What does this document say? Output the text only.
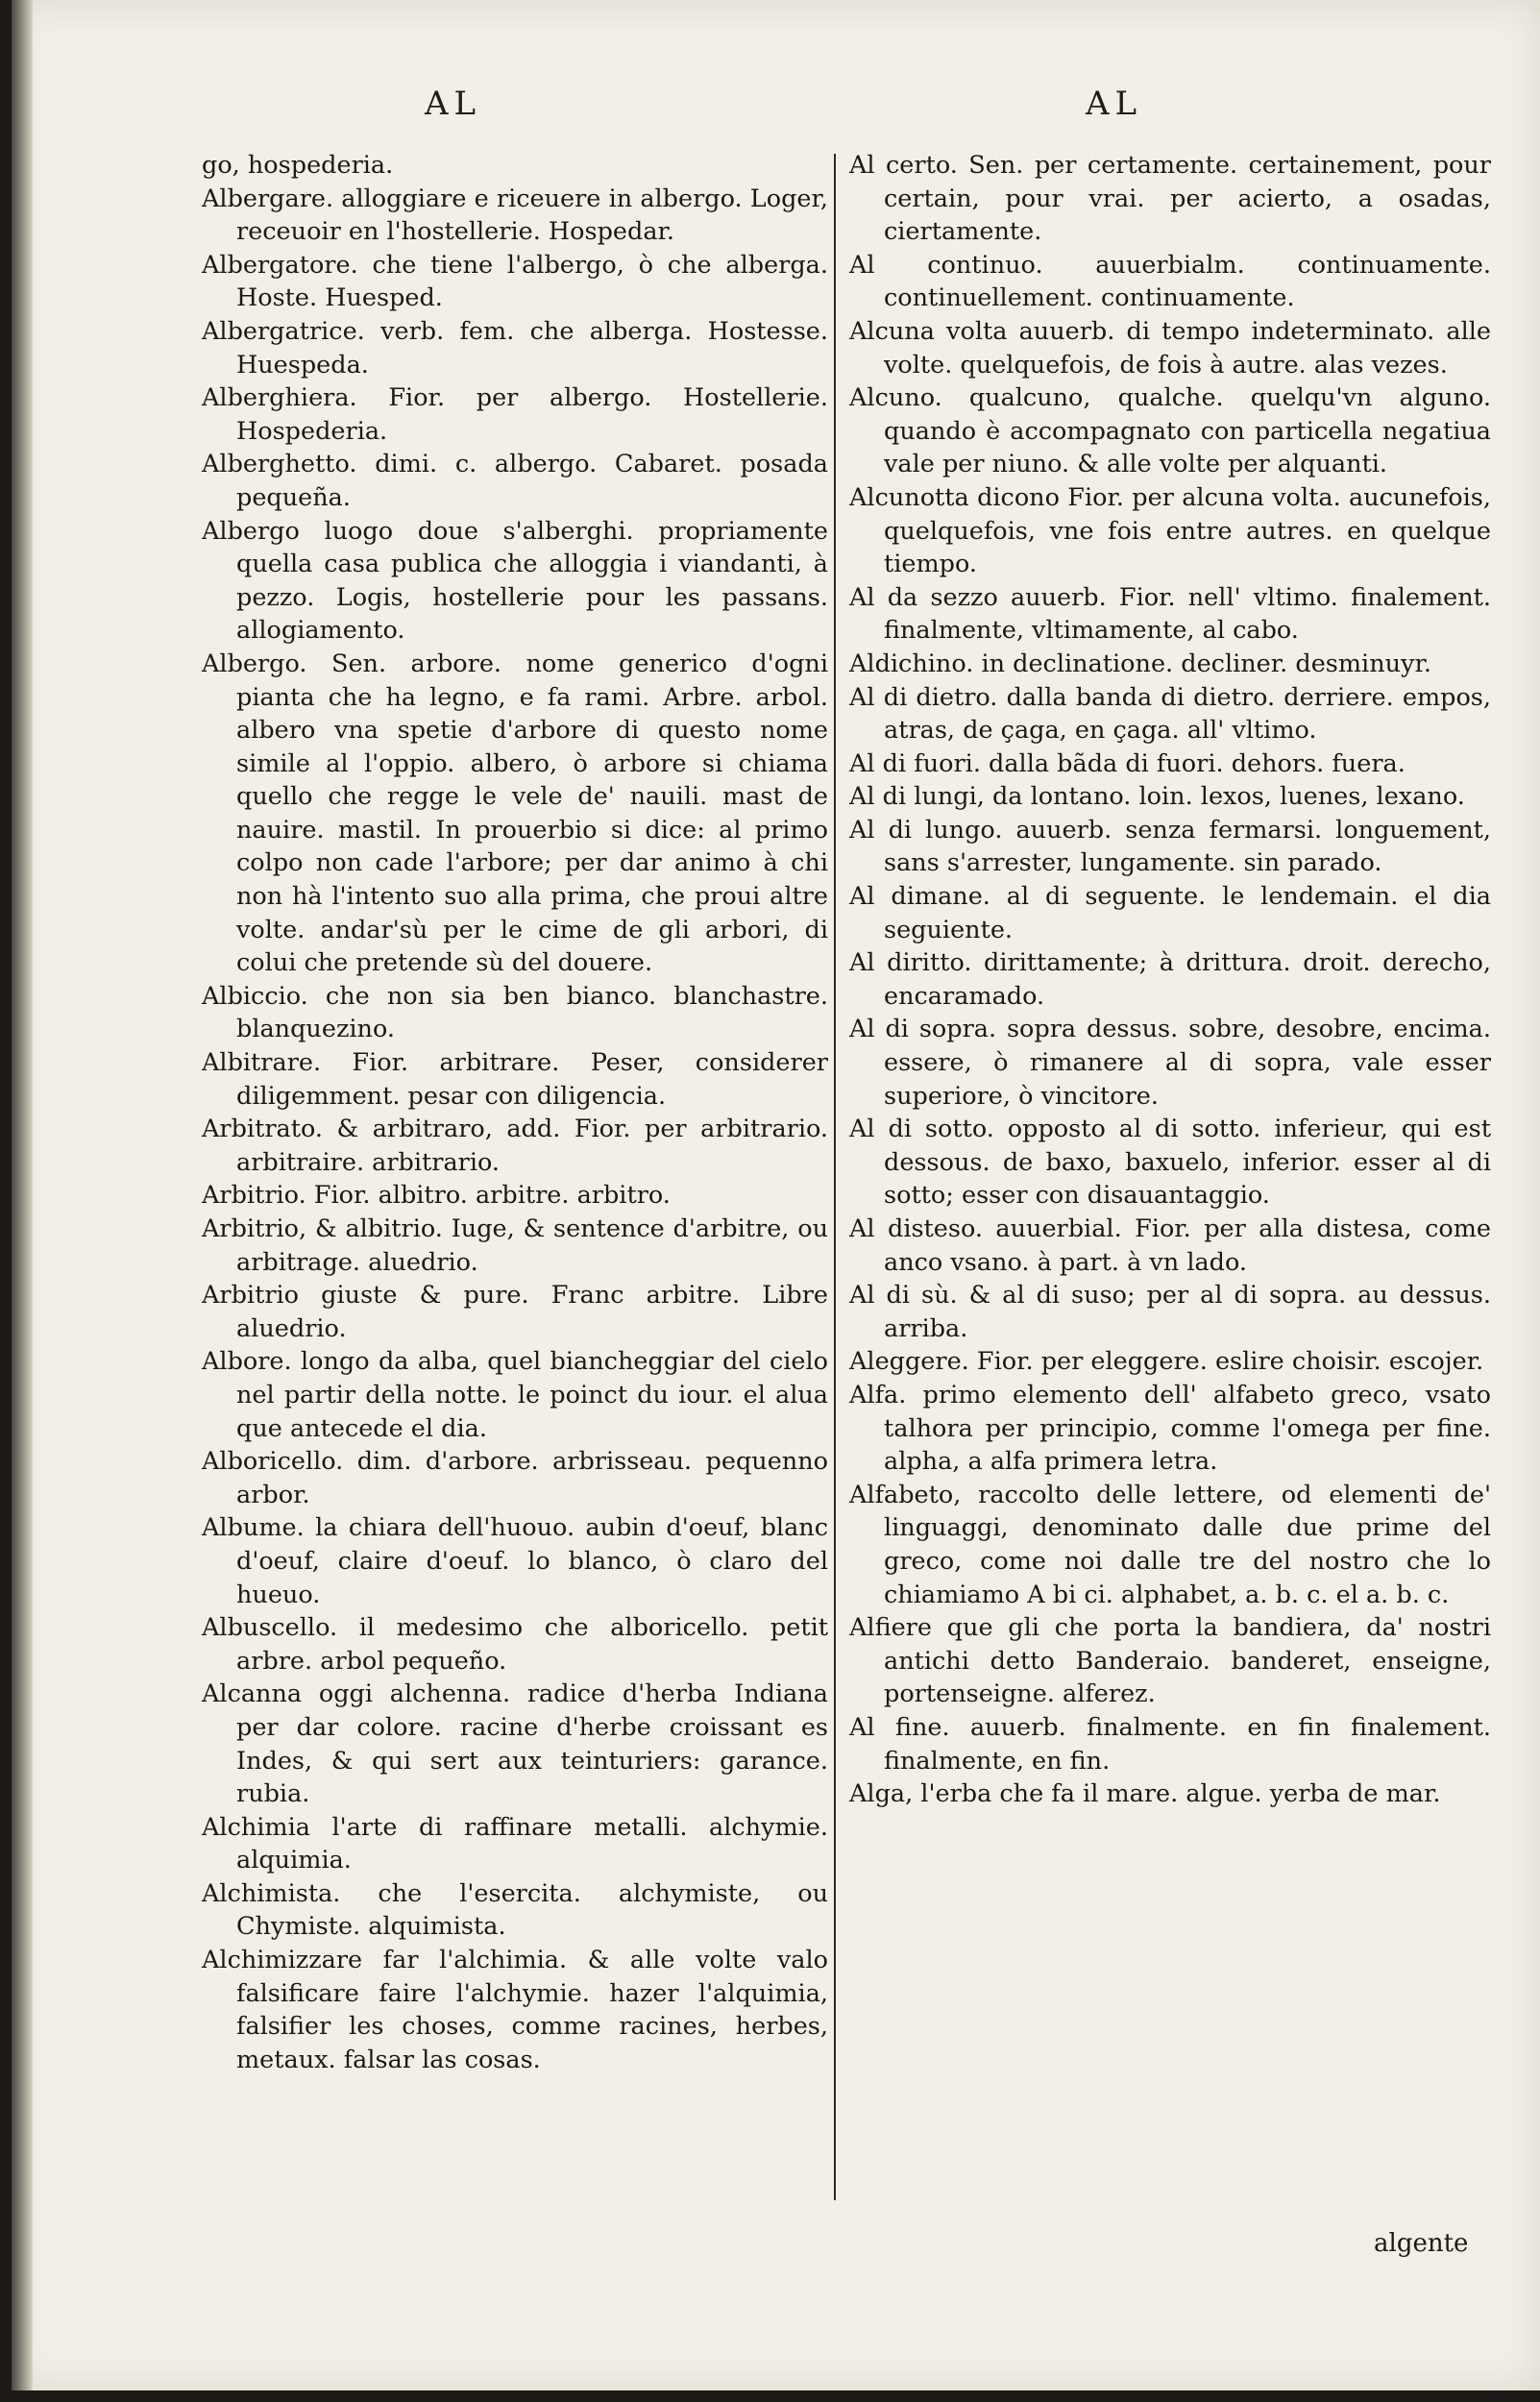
AL	AL

go, hospederia.

Albergare. alloggiare e riceuere in albergo. Loger, receuoir en l'hostellerie. Hospedar.

Albergatore. che tiene l'albergo, ò che alberga. Hoste. Huesped.

Albergatrice. verb. fem. che alberga. Hostesse. Huespeda.

Alberghiera. Fior. per albergo. Hostellerie. Hospederia.

Alberghetto. dimi. c. albergo. Cabaret. posada pequeña.

Albergo luogo doue s'alberghi. propriamente quella casa publica che alloggia i viandanti, à pezzo. Logis, hostellerie pour les passans. allogiamento.

Albergo. Sen. arbore. nome generico d'ogni pianta che ha legno, e fa rami. Arbre. arbol. albero vna spetie d'arbore di questo nome simile al l'oppio. albero, ò arbore si chiama quello che regge le vele de' nauili. mast de nauire. mastil. In prouerbio si dice: al primo colpo non cade l'arbore; per dar animo à chi non hà l'intento suo alla prima, che proui altre volte. andar'sù per le cime de gli arbori, di colui che pretende sù del douere.

Albiccio. che non sia ben bianco. blanchastre. blanquezino.

Albitrare. Fior. arbitrare. Peser, considerer diligemment. pesar con diligencia.

Arbitrato. & arbitraro, add. Fior. per arbitrario. arbitraire. arbitrario.

Arbitrio. Fior. albitro. arbitre. arbitro.

Arbitrio, & albitrio. Iuge, & sentence d'arbitre, ou arbitrage. aluedrio.

Arbitrio giuste & pure. Franc arbitre. Libre aluedrio.

Albore. longo da alba, quel biancheggiar del cielo nel partir della notte. le poinct du iour. el alua que antecede el dia.

Alboricello. dim. d'arbore. arbrisseau. pequenno arbor.

Albume. la chiara dell'huouo. aubin d'oeuf, blanc d'oeuf, claire d'oeuf. lo blanco, ò claro del hueuo.

Albuscello. il medesimo che alboricello. petit arbre. arbol pequeño.

Alcanna oggi alchenna. radice d'herba Indiana per dar colore. racine d'herbe croissant es Indes, & qui sert aux teinturiers: garance. rubia.

Alchimia l'arte di raffinare metalli. alchymie. alquimia.

Alchimista. che l'esercita. alchymiste, ou Chymiste. alquimista.

Alchimizzare far l'alchimia. & alle volte valo falsificare faire l'alchymie. hazer l'alquimia, falsifier les choses, comme racines, herbes, metaux. falsar las cosas.

Al certo. Sen. per certamente. certainement, pour certain, pour vrai. per acierto, a osadas, ciertamente.

Al continuo. auuerbialm. continuamente. continuellement. continuamente.

Alcuna volta auuerb. di tempo indeterminato. alle volte. quelquefois, de fois à autre. alas vezes.

Alcuno. qualcuno, qualche. quelqu'vn alguno. quando è accompagnato con particella negatiua vale per niuno. & alle volte per alquanti.

Alcunotta dicono Fior. per alcuna volta. aucunefois, quelquefois, vne fois entre autres. en quelque tiempo.

Al da sezzo auuerb. Fior. nell' vltimo. finalement. finalmente, vltimamente, al cabo.

Aldichino. in declinatione. decliner. desminuyr.

Al di dietro. dalla banda di dietro. derriere. empos, atras, de çaga, en çaga. all' vltimo.

Al di fuori. dalla bãda di fuori. dehors. fuera.

Al di lungi, da lontano. loin. lexos, luenes, lexano.

Al di lungo. auuerb. senza fermarsi. longuement, sans s'arrester, lungamente. sin parado.

Al dimane. al di seguente. le lendemain. el dia seguiente.

Al diritto. dirittamente; à drittura. droit. derecho, encaramado.

Al di sopra. sopra dessus. sobre, desobre, encima. essere, ò rimanere al di sopra, vale esser superiore, ò vincitore.

Al di sotto. opposto al di sotto. inferieur, qui est dessous. de baxo, baxuelo, inferior. esser al di sotto; esser con disauantaggio.

Al disteso. auuerbial. Fior. per alla distesa, come anco vsano. à part. à vn lado.

Al di sù. & al di suso; per al di sopra. au dessus. arriba.

Aleggere. Fior. per eleggere. eslire choisir. escojer.

Alfa. primo elemento dell' alfabeto greco, vsato talhora per principio, comme l'omega per fine. alpha, a alfa primera letra.

Alfabeto, raccolto delle lettere, od elementi de' linguaggi, denominato dalle due prime del greco, come noi dalle tre del nostro che lo chiamiamo A bi ci. alphabet, a. b. c. el a. b. c.

Alfiere que gli che porta la bandiera, da' nostri antichi detto Banderaio. banderet, enseigne, portenseigne. alferez.

Al fine. auuerb. finalmente. en fin finalement. finalmente, en fin.

Alga, l'erba che fa il mare. algue. yerba de mar.

algente
